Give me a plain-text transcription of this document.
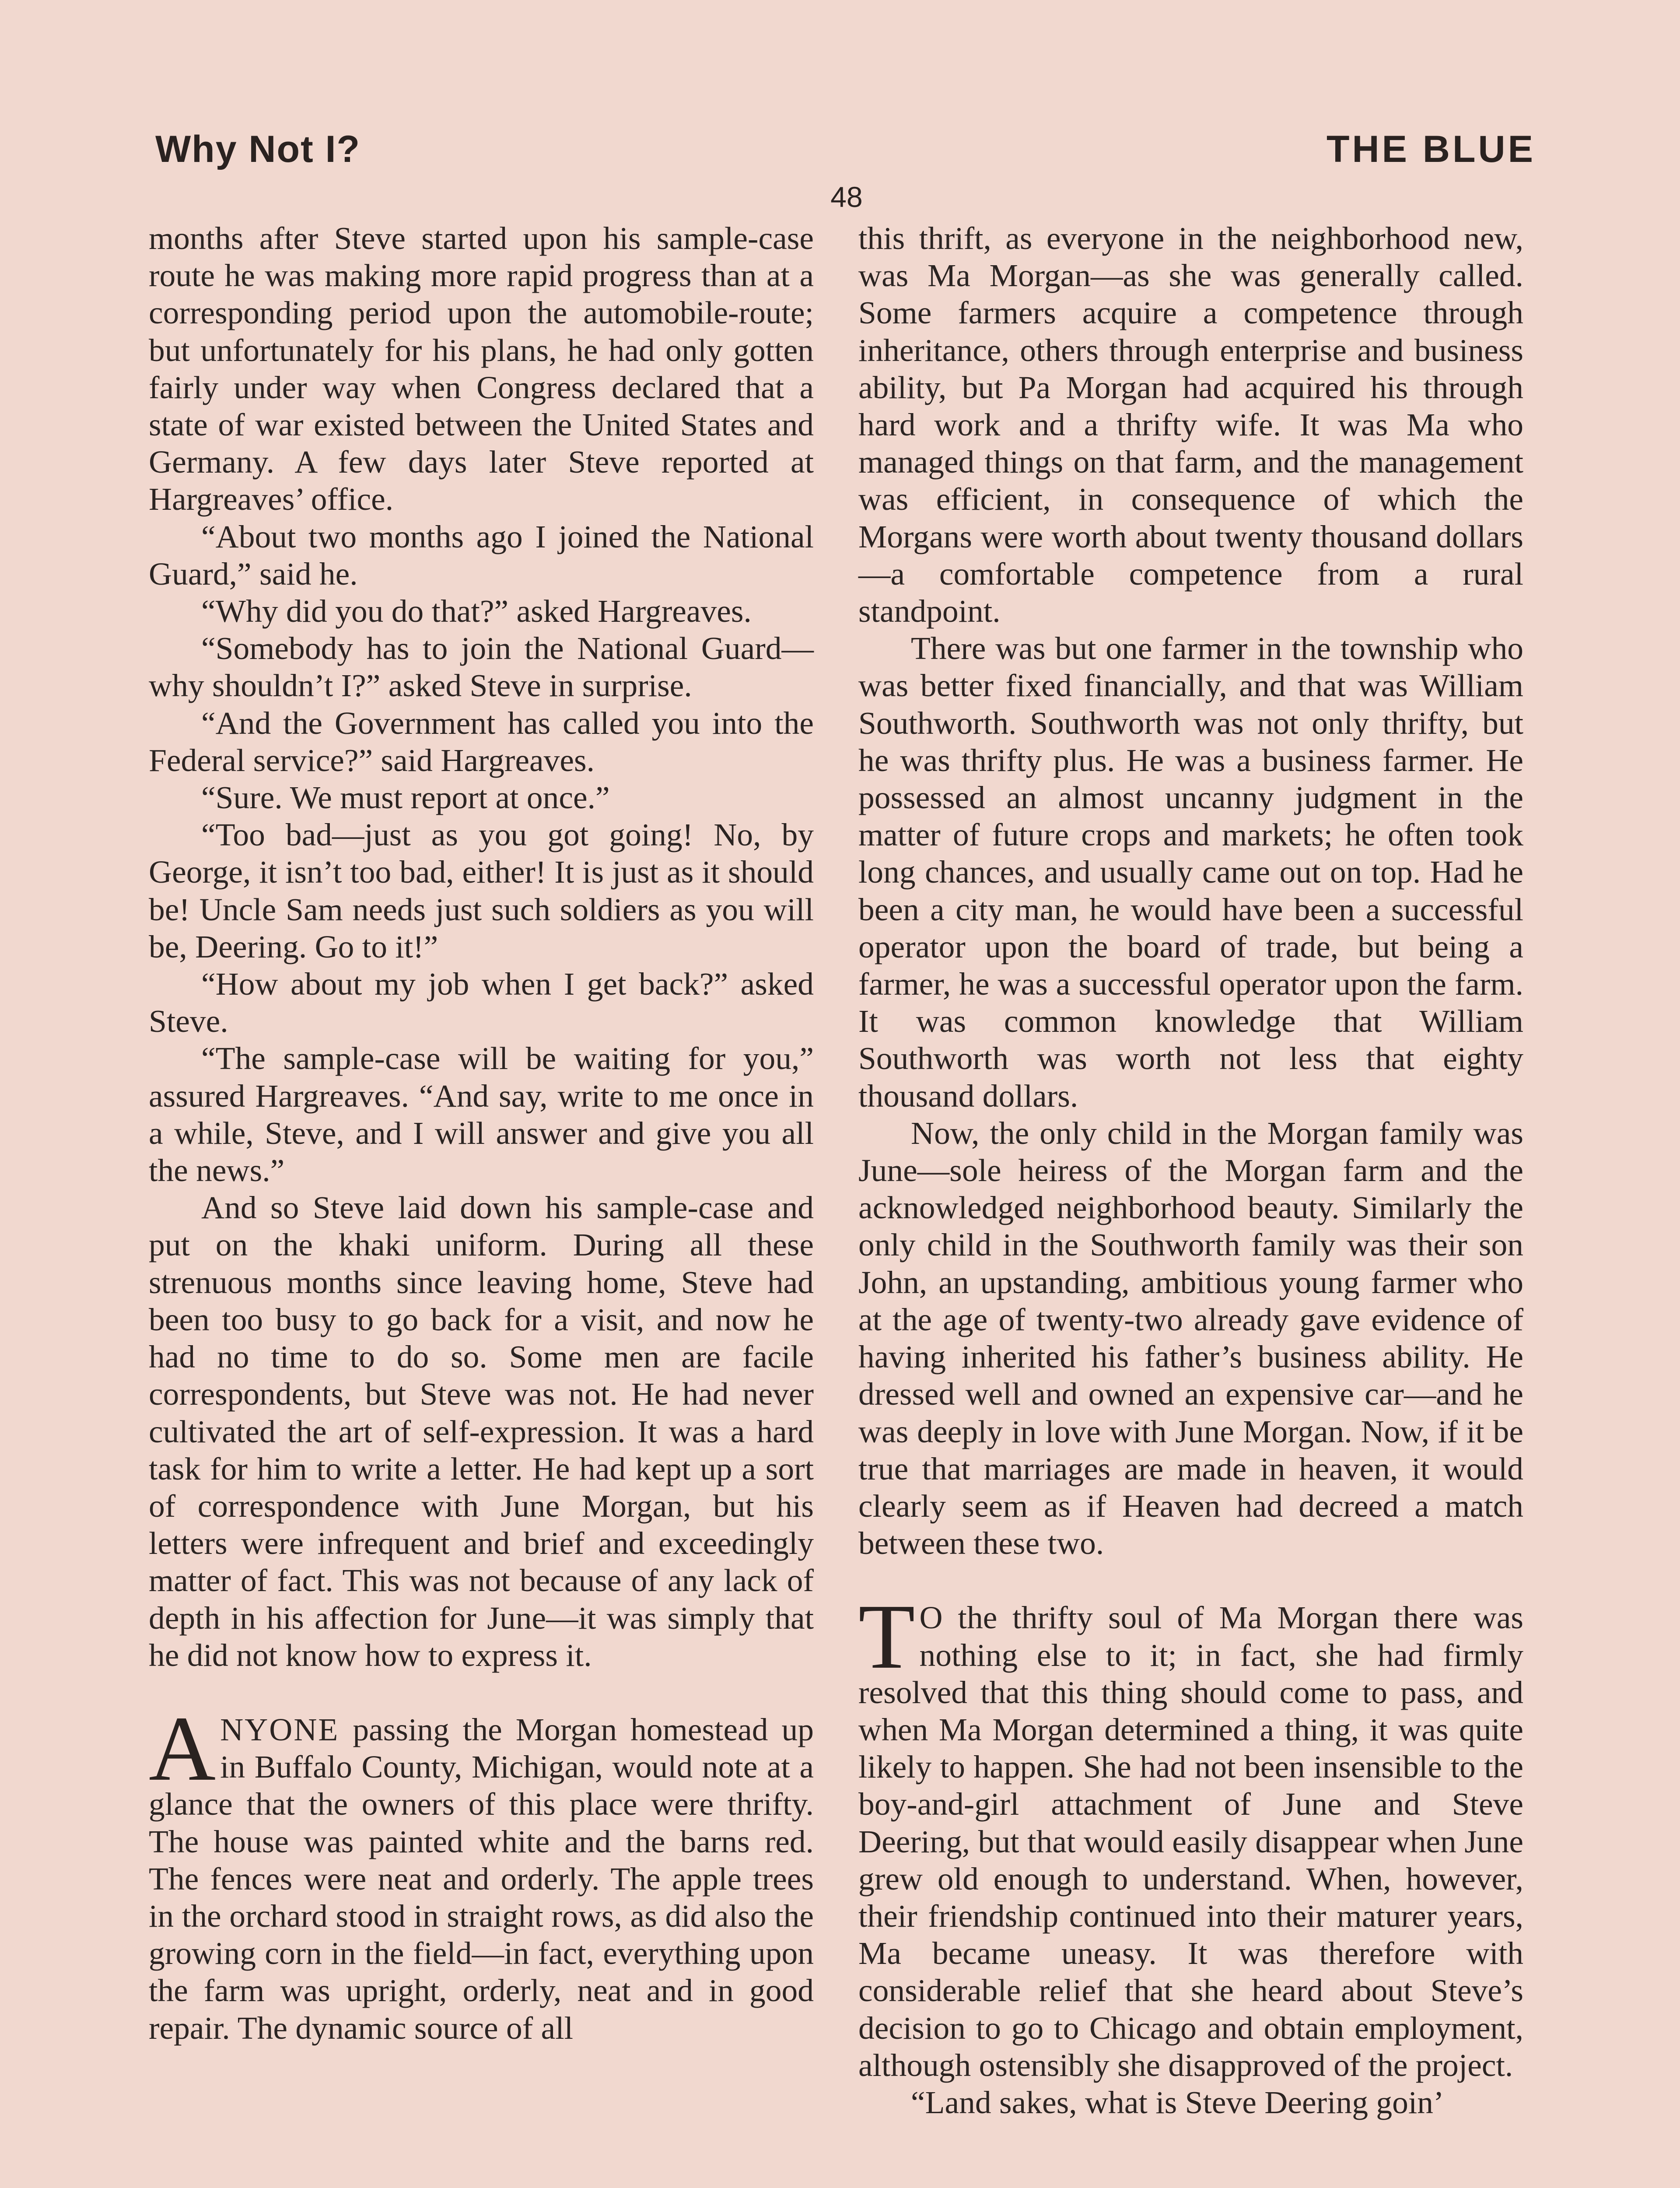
Why Not I?	THE BLUE
48

months after Steve started upon his sample-case route he was making more rapid progress than at a corresponding period upon the automobile-route; but unfortunately for his plans, he had only gotten fairly under way when Congress declared that a state of war existed between the United States and Germany. A few days later Steve reported at Hargreaves’ office.

“About two months ago I joined the National Guard,” said he.

“Why did you do that?” asked Hargreaves.

“Somebody has to join the National Guard—why shouldn’t I?” asked Steve in surprise.

“And the Government has called you into the Federal service?” said Hargreaves.

“Sure. We must report at once.”

“Too bad—just as you got going! No, by George, it isn’t too bad, either! It is just as it should be! Uncle Sam needs just such soldiers as you will be, Deering. Go to it!”

“How about my job when I get back?” asked Steve.

“The sample-case will be waiting for you,” assured Hargreaves. “And say, write to me once in a while, Steve, and I will answer and give you all the news.”

And so Steve laid down his sample-case and put on the khaki uniform. During all these strenuous months since leaving home, Steve had been too busy to go back for a visit, and now he had no time to do so. Some men are facile correspondents, but Steve was not. He had never cultivated the art of self-expression. It was a hard task for him to write a letter. He had kept up a sort of correspondence with June Morgan, but his letters were infrequent and brief and exceedingly matter of fact. This was not because of any lack of depth in his affection for June—it was simply that he did not know how to express it.

ANYONE passing the Morgan homestead up in Buffalo County, Michigan, would note at a glance that the owners of this place were thrifty. The house was painted white and the barns red. The fences were neat and orderly. The apple trees in the orchard stood in straight rows, as did also the growing corn in the field—in fact, everything upon the farm was upright, orderly, neat and in good repair. The dynamic source of all

this thrift, as everyone in the neighborhood new, was Ma Morgan—as she was generally called. Some farmers acquire a competence through inheritance, others through enterprise and business ability, but Pa Morgan had acquired his through hard work and a thrifty wife. It was Ma who managed things on that farm, and the management was efficient, in consequence of which the Morgans were worth about twenty thousand dollars—a comfortable competence from a rural standpoint.

There was but one farmer in the township who was better fixed financially, and that was William Southworth. Southworth was not only thrifty, but he was thrifty plus. He was a business farmer. He possessed an almost uncanny judgment in the matter of future crops and markets; he often took long chances, and usually came out on top. Had he been a city man, he would have been a successful operator upon the board of trade, but being a farmer, he was a successful operator upon the farm. It was common knowledge that William Southworth was worth not less that eighty thousand dollars.

Now, the only child in the Morgan family was June—sole heiress of the Morgan farm and the acknowledged neighborhood beauty. Similarly the only child in the Southworth family was their son John, an upstanding, ambitious young farmer who at the age of twenty-two already gave evidence of having inherited his father’s business ability. He dressed well and owned an expensive car—and he was deeply in love with June Morgan. Now, if it be true that marriages are made in heaven, it would clearly seem as if Heaven had decreed a match between these two.

T O the thrifty soul of Ma Morgan there was nothing else to it; in fact, she had firmly resolved that this thing should come to pass, and when Ma Morgan determined a thing, it was quite likely to happen. She had not been insensible to the boy-and-girl attachment of June and Steve Deering, but that would easily disappear when June grew old enough to understand. When, however, their friendship continued into their maturer years, Ma became uneasy. It was therefore with considerable relief that she heard about Steve’s decision to go to Chicago and obtain employment, although ostensibly she disapproved of the project.

“Land sakes, what is Steve Deering goin’
